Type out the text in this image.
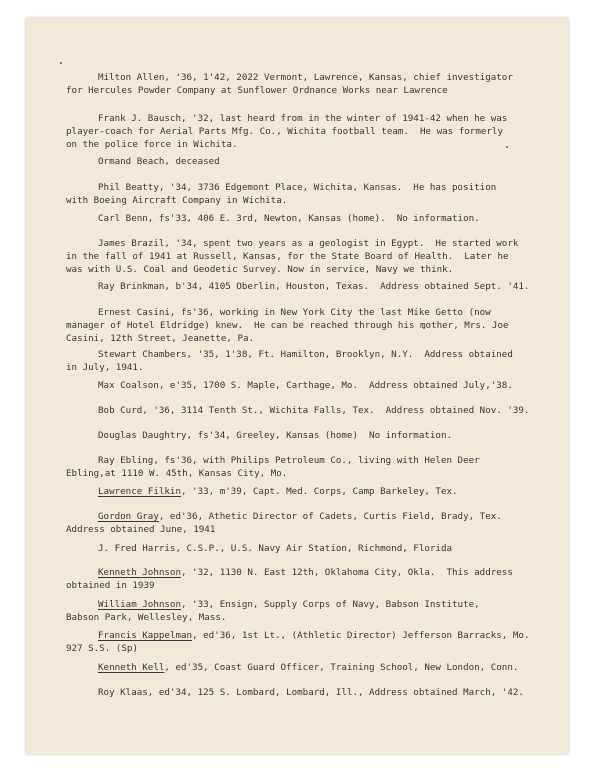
Milton Allen, '36, 1'42, 2022 Vermont, Lawrence, Kansas, chief investigator
for Hercules Powder Company at Sunflower Ordnance Works near Lawrence

Frank J. Bausch, '32, last heard from in the winter of 1941-42 when he was
player-coach for Aerial Parts Mfg. Co., Wichita football team.  He was formerly
on the police force in Wichita.

Ormand Beach, deceased

Phil Beatty, '34, 3736 Edgemont Place, Wichita, Kansas.  He has position
with Boeing Aircraft Company in Wichita.

Carl Benn, fs'33, 406 E. 3rd, Newton, Kansas (home).  No information.

James Brazil, '34, spent two years as a geologist in Egypt.  He started work
in the fall of 1941 at Russell, Kansas, for the State Board of Health.  Later he
was with U.S. Coal and Geodetic Survey. Now in service, Navy we think.

Ray Brinkman, b'34, 4105 Oberlin, Houston, Texas.  Address obtained Sept. '41.

Ernest Casini, fs'36, working in New York City the last Mike Getto (now
manager of Hotel Eldridge) knew.  He can be reached through his mother, Mrs. Joe
Casini, 12th Street, Jeanette, Pa.

Stewart Chambers, '35, 1'38, Ft. Hamilton, Brooklyn, N.Y.  Address obtained
in July, 1941.

Max Coalson, e'35, 1700 S. Maple, Carthage, Mo.  Address obtained July,'38.

Bob Curd, '36, 3114 Tenth St., Wichita Falls, Tex.  Address obtained Nov. '39.

Douglas Daughtry, fs'34, Greeley, Kansas (home)  No information.

Ray Ebling, fs'36, with Philips Petroleum Co., living with Helen Deer
Ebling,at 1110 W. 45th, Kansas City, Mo.

Lawrence Filkin, '33, m'39, Capt. Med. Corps, Camp Barkeley, Tex.

Gordon Gray, ed'36, Athetic Director of Cadets, Curtis Field, Brady, Tex.
Address obtained June, 1941

J. Fred Harris, C.S.P., U.S. Navy Air Station, Richmond, Florida

Kenneth Johnson, '32, 1130 N. East 12th, Oklahoma City, Okla.  This address
obtained in 1939

William Johnson, '33, Ensign, Supply Corps of Navy, Babson Institute,
Babson Park, Wellesley, Mass.

Francis Kappelman, ed'36, 1st Lt., (Athletic Director) Jefferson Barracks, Mo.
927 S.S. (Sp)

Kenneth Kell, ed'35, Coast Guard Officer, Training School, New London, Conn.

Roy Klaas, ed'34, 125 S. Lombard, Lombard, Ill., Address obtained March, '42.
